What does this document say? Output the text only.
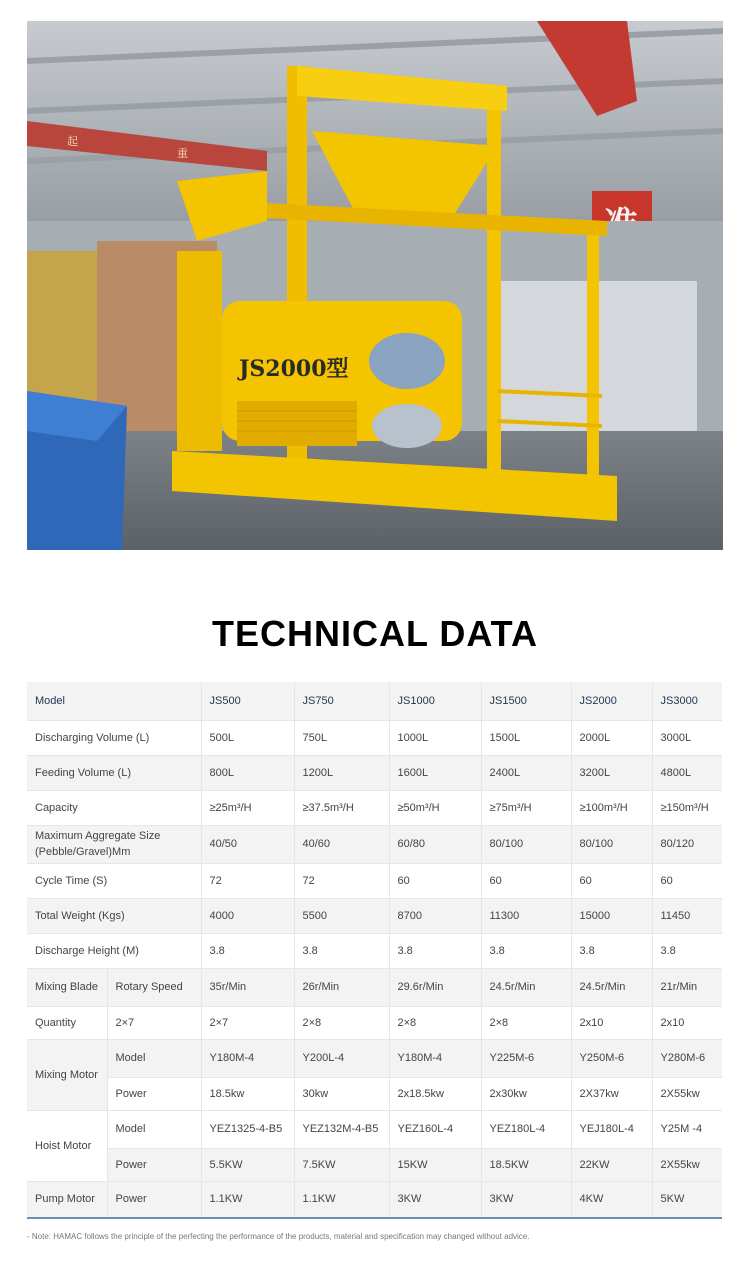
起
重
JS2000型
TECHNICAL DATA
Model		JS500	JS750	JS1000	JS1500	JS2000	JS3000
Discharging Volume (L)		500L	750L	1000L	1500L	2000L	3000L
Feeding Volume (L)		800L	1200L	1600L	2400L	3200L	4800L
Capacity		≥25m³/H	≥37.5m³/H	≥50m³/H	≥75m³/H	≥100m³/H	≥150m³/H
Maximum Aggregate Size (Pebble/Gravel)Mm		40/50	40/60	60/80	80/100	80/100	80/120
Cycle Time (S)		72	72	60	60	60	60
Total Weight (Kgs)		4000	5500	8700	11300	15000	11450
Discharge Height (M)		3.8	3.8	3.8	3.8	3.8	3.8
Mixing Blade	Rotary Speed	35r/Min	26r/Min	29.6r/Min	24.5r/Min	24.5r/Min	21r/Min
Quantity	2×7	2×7	2×8	2×8	2×8	2x10	2x10
Mixing Motor	Model	Y180M-4	Y200L-4	Y180M-4	Y225M-6	Y250M-6	Y280M-6
	Power	18.5kw	30kw	2x18.5kw	2x30kw	2X37kw	2X55kw
Hoist Motor	Model	YEZ1325-4-B5	YEZ132M-4-B5	YEZ160L-4	YEZ180L-4	YEJ180L-4	Y25M -4
	Power	5.5KW	7.5KW	15KW	18.5KW	22KW	2X55kw
Pump Motor	Power	1.1KW	1.1KW	3KW	3KW	4KW	5KW
- Note: HAMAC follows the principle of the perfecting the performance of the products, material and specification may changed without advice.
